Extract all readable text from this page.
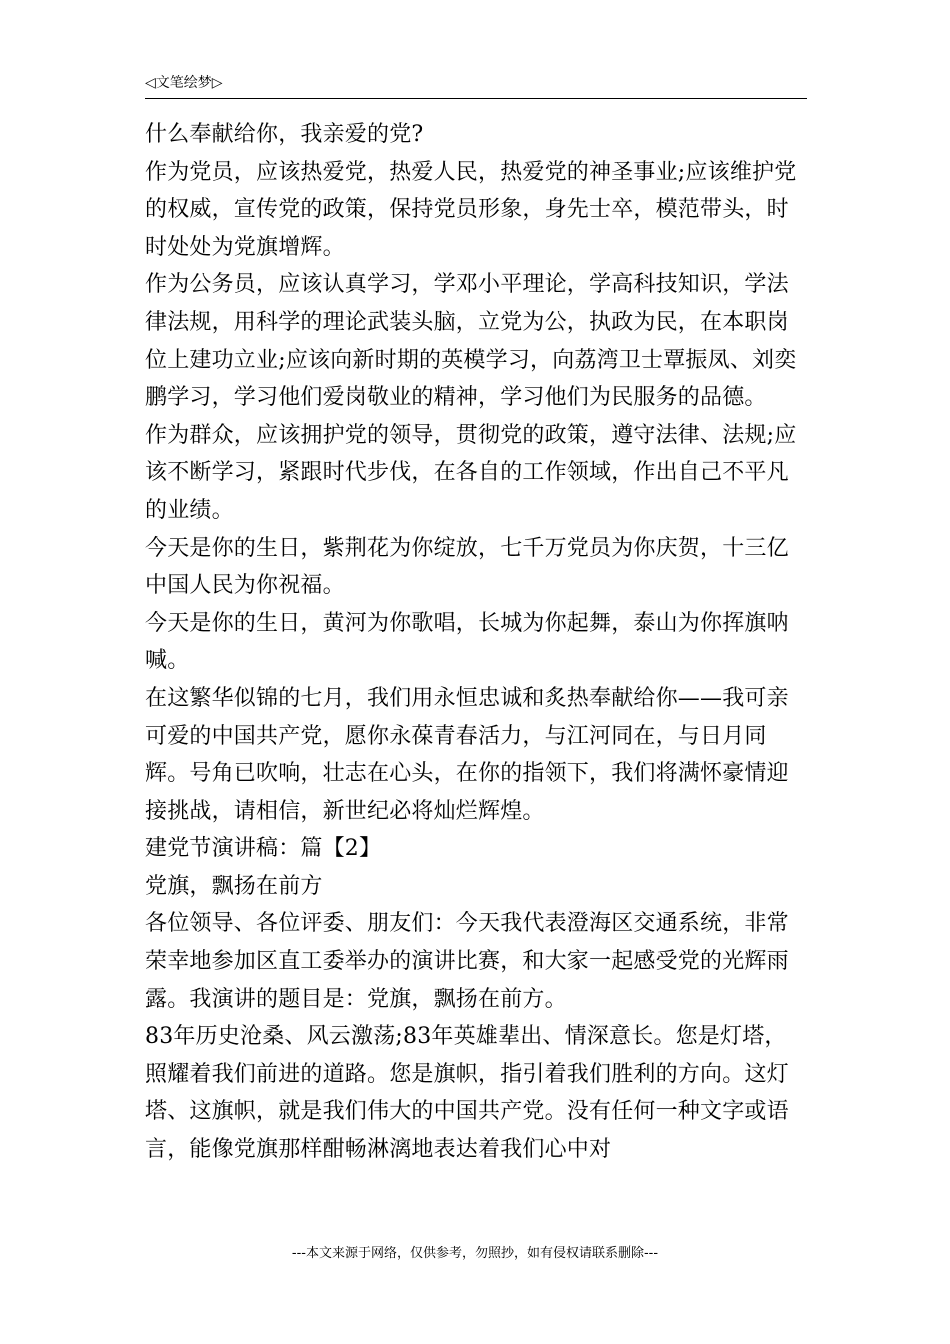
◁文笔绘梦▷

什么奉献给你，我亲爱的党?

作为党员，应该热爱党，热爱人民，热爱党的神圣事业;应该维护党的权威，宣传党的政策，保持党员形象，身先士卒，模范带头，时时处处为党旗增辉。

作为公务员，应该认真学习，学邓小平理论，学高科技知识，学法律法规，用科学的理论武装头脑，立党为公，执政为民，在本职岗位上建功立业;应该向新时期的英模学习，向荔湾卫士覃振凤、刘奕鹏学习，学习他们爱岗敬业的精神，学习他们为民服务的品德。

作为群众，应该拥护党的领导，贯彻党的政策，遵守法律、法规;应该不断学习，紧跟时代步伐，在各自的工作领域，作出自己不平凡的业绩。

今天是你的生日，紫荆花为你绽放，七千万党员为你庆贺，十三亿中国人民为你祝福。

今天是你的生日，黄河为你歌唱，长城为你起舞，泰山为你挥旗呐喊。

在这繁华似锦的七月，我们用永恒忠诚和炙热奉献给你——我可亲可爱的中国共产党，愿你永葆青春活力，与江河同在，与日月同辉。号角已吹响，壮志在心头，在你的指领下，我们将满怀豪情迎接挑战，请相信，新世纪必将灿烂辉煌。

建党节演讲稿：篇【2】

党旗，飘扬在前方

各位领导、各位评委、朋友们：今天我代表澄海区交通系统，非常荣幸地参加区直工委举办的演讲比赛，和大家一起感受党的光辉雨露。我演讲的题目是：党旗，飘扬在前方。

83年历史沧桑、风云激荡;83年英雄辈出、情深意长。您是灯塔，照耀着我们前进的道路。您是旗帜，指引着我们胜利的方向。这灯塔、这旗帜，就是我们伟大的中国共产党。没有任何一种文字或语言，能像党旗那样酣畅淋漓地表达着我们心中对

---本文来源于网络，仅供参考，勿照抄，如有侵权请联系删除---
